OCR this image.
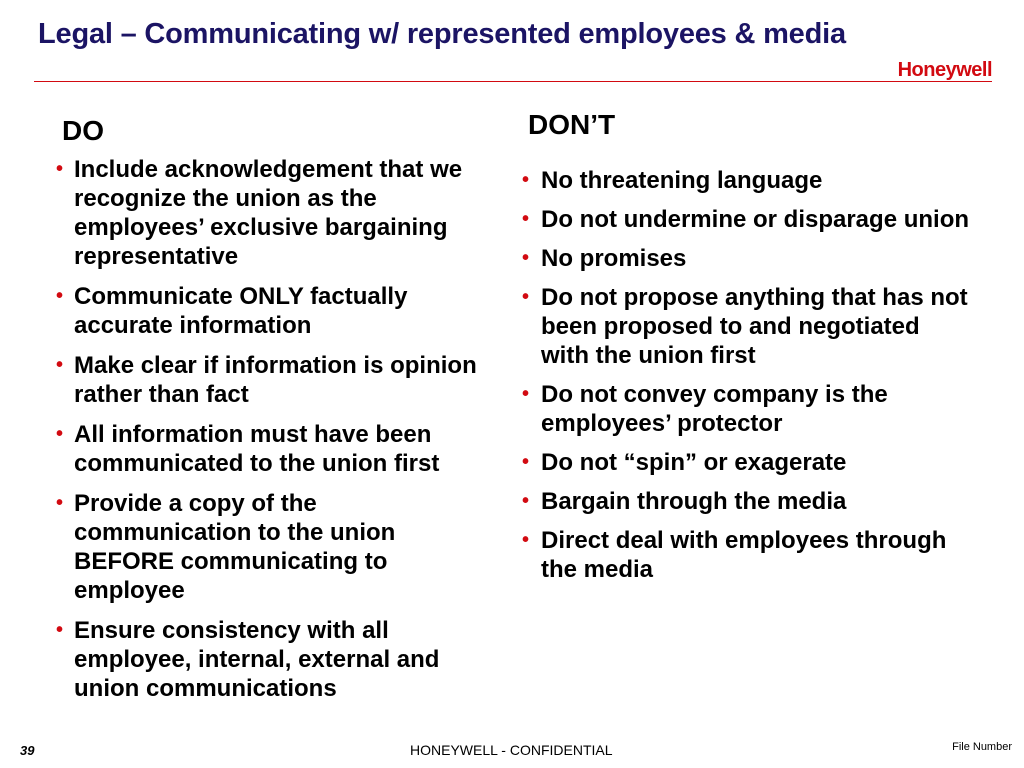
Legal – Communicating w/ represented employees & media
Honeywell
DO
• Include acknowledgement that we recognize the union as the employees’ exclusive bargaining representative
• Communicate ONLY factually accurate information
• Make clear if information is opinion rather than fact
• All information must have been communicated to the union first
• Provide a copy of the communication to the union BEFORE communicating to employee
• Ensure consistency with all employee, internal, external and union communications
DON’T
• No threatening language
• Do not undermine or disparage union
• No promises
• Do not propose anything that has not been proposed to and negotiated with the union first
• Do not convey company is the employees’ protector
• Do not “spin” or exagerate
• Bargain through the media
• Direct deal with employees through the media
39	HONEYWELL - CONFIDENTIAL	File Number
